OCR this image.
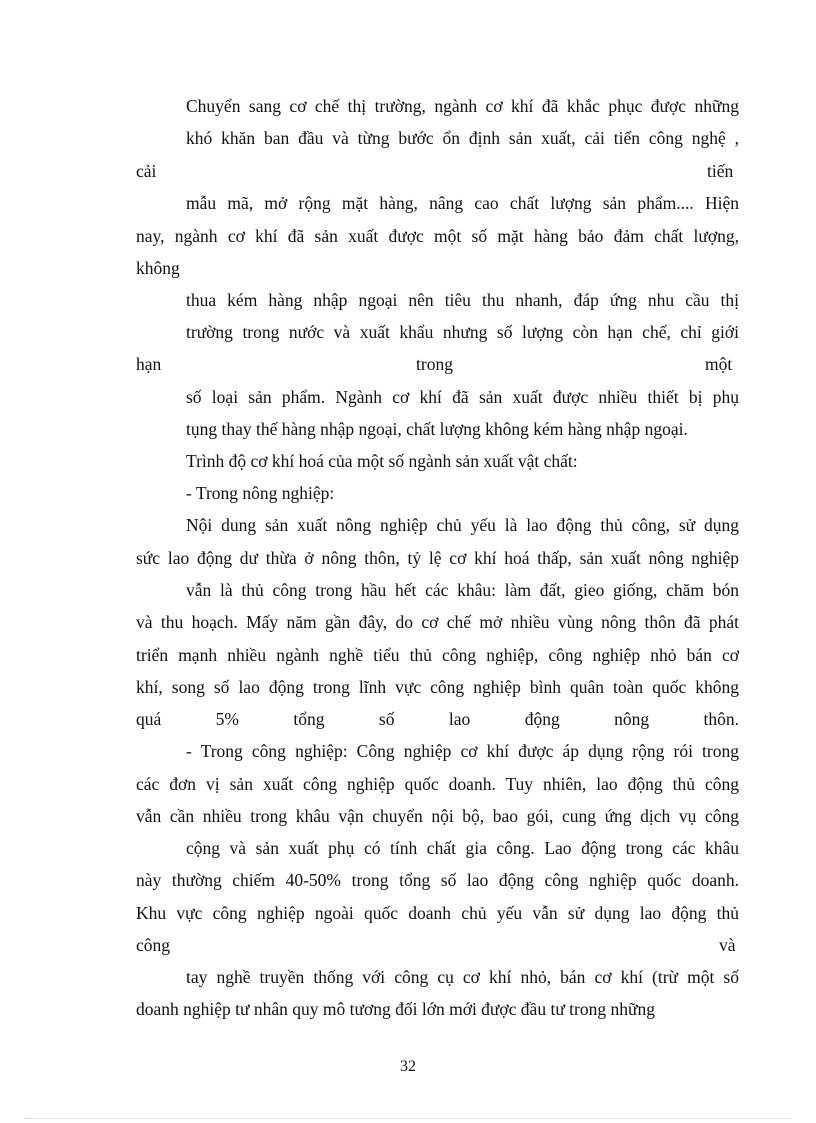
Chuyển sang cơ chế thị trường, ngành cơ khí đã khắc phục được những

khó khăn ban đầu và từng bước ổn định sản xuất, cải tiến công nghệ ,

cải	tiến

mẫu mã, mở rộng mặt hàng, nâng cao chất lượng sản phẩm.... Hiện

nay, ngành cơ khí đã sản xuất được một số mặt hàng bảo đảm chất lượng,

không

thua kém hàng nhập ngoại nên tiêu thu nhanh, đáp ứng nhu cầu thị

trường trong nước và xuất khẩu nhưng số lượng còn hạn chế, chỉ giới

hạn	trong	một

số loại sản phẩm. Ngành cơ khí đã sản xuất được nhiều thiết bị phụ

tụng thay thế hàng nhập ngoại, chất lượng không kém hàng nhập ngoại.

Trình độ cơ khí hoá của một số ngành sản xuất vật chất:

- Trong nông nghiệp:

Nội dung sản xuất nông nghiệp chủ yếu là lao động thủ công, sử dụng

sức lao động dư thừa ở nông thôn, tỷ lệ cơ khí hoá thấp, sản xuất nông nghiệp

vẫn là thủ công trong hầu hết các khâu: làm đất, gieo giống, chăm bón

và thu hoạch. Mấy năm gần đây, do cơ chế mở nhiều vùng nông thôn đã phát

triển mạnh nhiều ngành nghề tiểu thủ công nghiệp, công nghiệp nhỏ bán cơ

khí, song số lao động trong lĩnh vực công nghiệp bình quân toàn quốc không

quá 5% tổng số lao động nông thôn.

- Trong công nghiệp: Công nghiệp cơ khí được áp dụng rộng rói trong

các đơn vị sản xuất công nghiệp quốc doanh. Tuy nhiên, lao động thủ công

vẫn cần nhiều trong khâu vận chuyển nội bộ, bao gói, cung ứng dịch vụ công

cộng và sản xuất phụ có tính chất gia công. Lao động trong các khâu

này thường chiếm 40-50% trong tổng số lao động công nghiệp quốc doanh.

Khu vực công nghiệp ngoài quốc doanh chủ yếu vẫn sử dụng lao động thủ

công	và

tay nghề truyền thống với công cụ cơ khí nhỏ, bán cơ khí (trừ một số

doanh nghiệp tư nhân quy mô tương đối lớn mới được đầu tư trong những

32
